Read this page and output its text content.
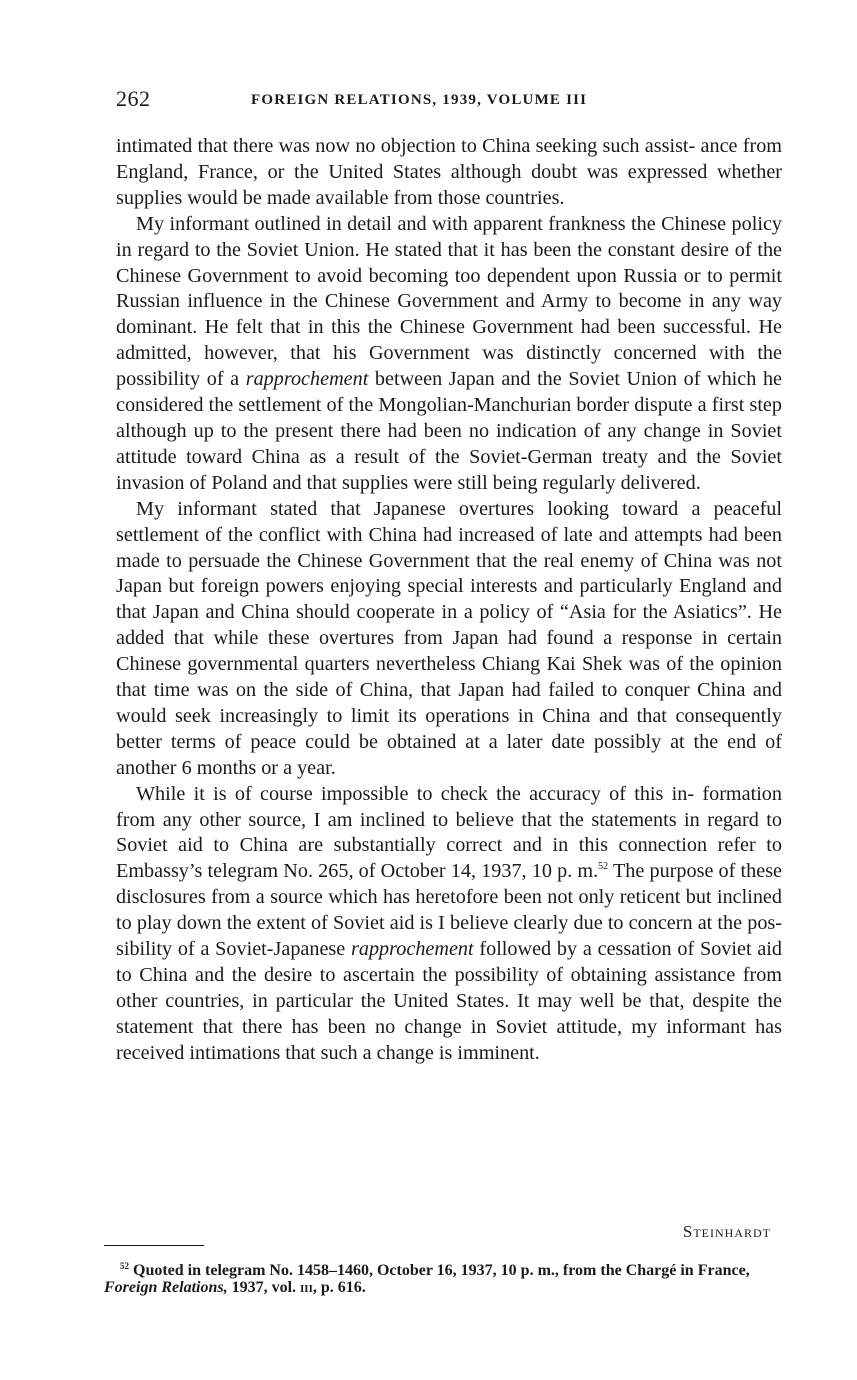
262	FOREIGN RELATIONS, 1939, VOLUME III

intimated that there was now no objection to China seeking such assist- ance from England, France, or the United States although doubt was expressed whether supplies would be made available from those countries.

My informant outlined in detail and with apparent frankness the Chinese policy in regard to the Soviet Union. He stated that it has been the constant desire of the Chinese Government to avoid becoming too dependent upon Russia or to permit Russian influence in the Chinese Government and Army to become in any way dominant. He felt that in this the Chinese Government had been successful. He admitted, however, that his Government was distinctly concerned with the possibility of a rapprochement between Japan and the Soviet Union of which he considered the settlement of the Mongolian-Manchurian border dispute a first step although up to the present there had been no indication of any change in Soviet attitude toward China as a result of the Soviet-German treaty and the Soviet invasion of Poland and that supplies were still being regularly delivered.

My informant stated that Japanese overtures looking toward a peaceful settlement of the conflict with China had increased of late and attempts had been made to persuade the Chinese Government that the real enemy of China was not Japan but foreign powers enjoying special interests and particularly England and that Japan and China should cooperate in a policy of “Asia for the Asiatics”. He added that while these overtures from Japan had found a response in certain Chinese governmental quarters nevertheless Chiang Kai Shek was of the opinion that time was on the side of China, that Japan had failed to conquer China and would seek increasingly to limit its operations in China and that consequently better terms of peace could be obtained at a later date possibly at the end of another 6 months or a year.

While it is of course impossible to check the accuracy of this in- formation from any other source, I am inclined to believe that the statements in regard to Soviet aid to China are substantially correct and in this connection refer to Embassy’s telegram No. 265, of October 14, 1937, 10 p. m.$^{52}$ The purpose of these disclosures from a source which has heretofore been not only reticent but inclined to play down the extent of Soviet aid is I believe clearly due to concern at the pos- sibility of a Soviet-Japanese rapprochement followed by a cessation of Soviet aid to China and the desire to ascertain the possibility of obtaining assistance from other countries, in particular the United States. It may well be that, despite the statement that there has been no change in Soviet attitude, my informant has received intimations that such a change is imminent.

Steinhardt
$^{52}$ Quoted in telegram No. 1458–1460, October 16, 1937, 10 p. m., from the Chargé in France, Foreign Relations, 1937, vol. iii, p. 616.
